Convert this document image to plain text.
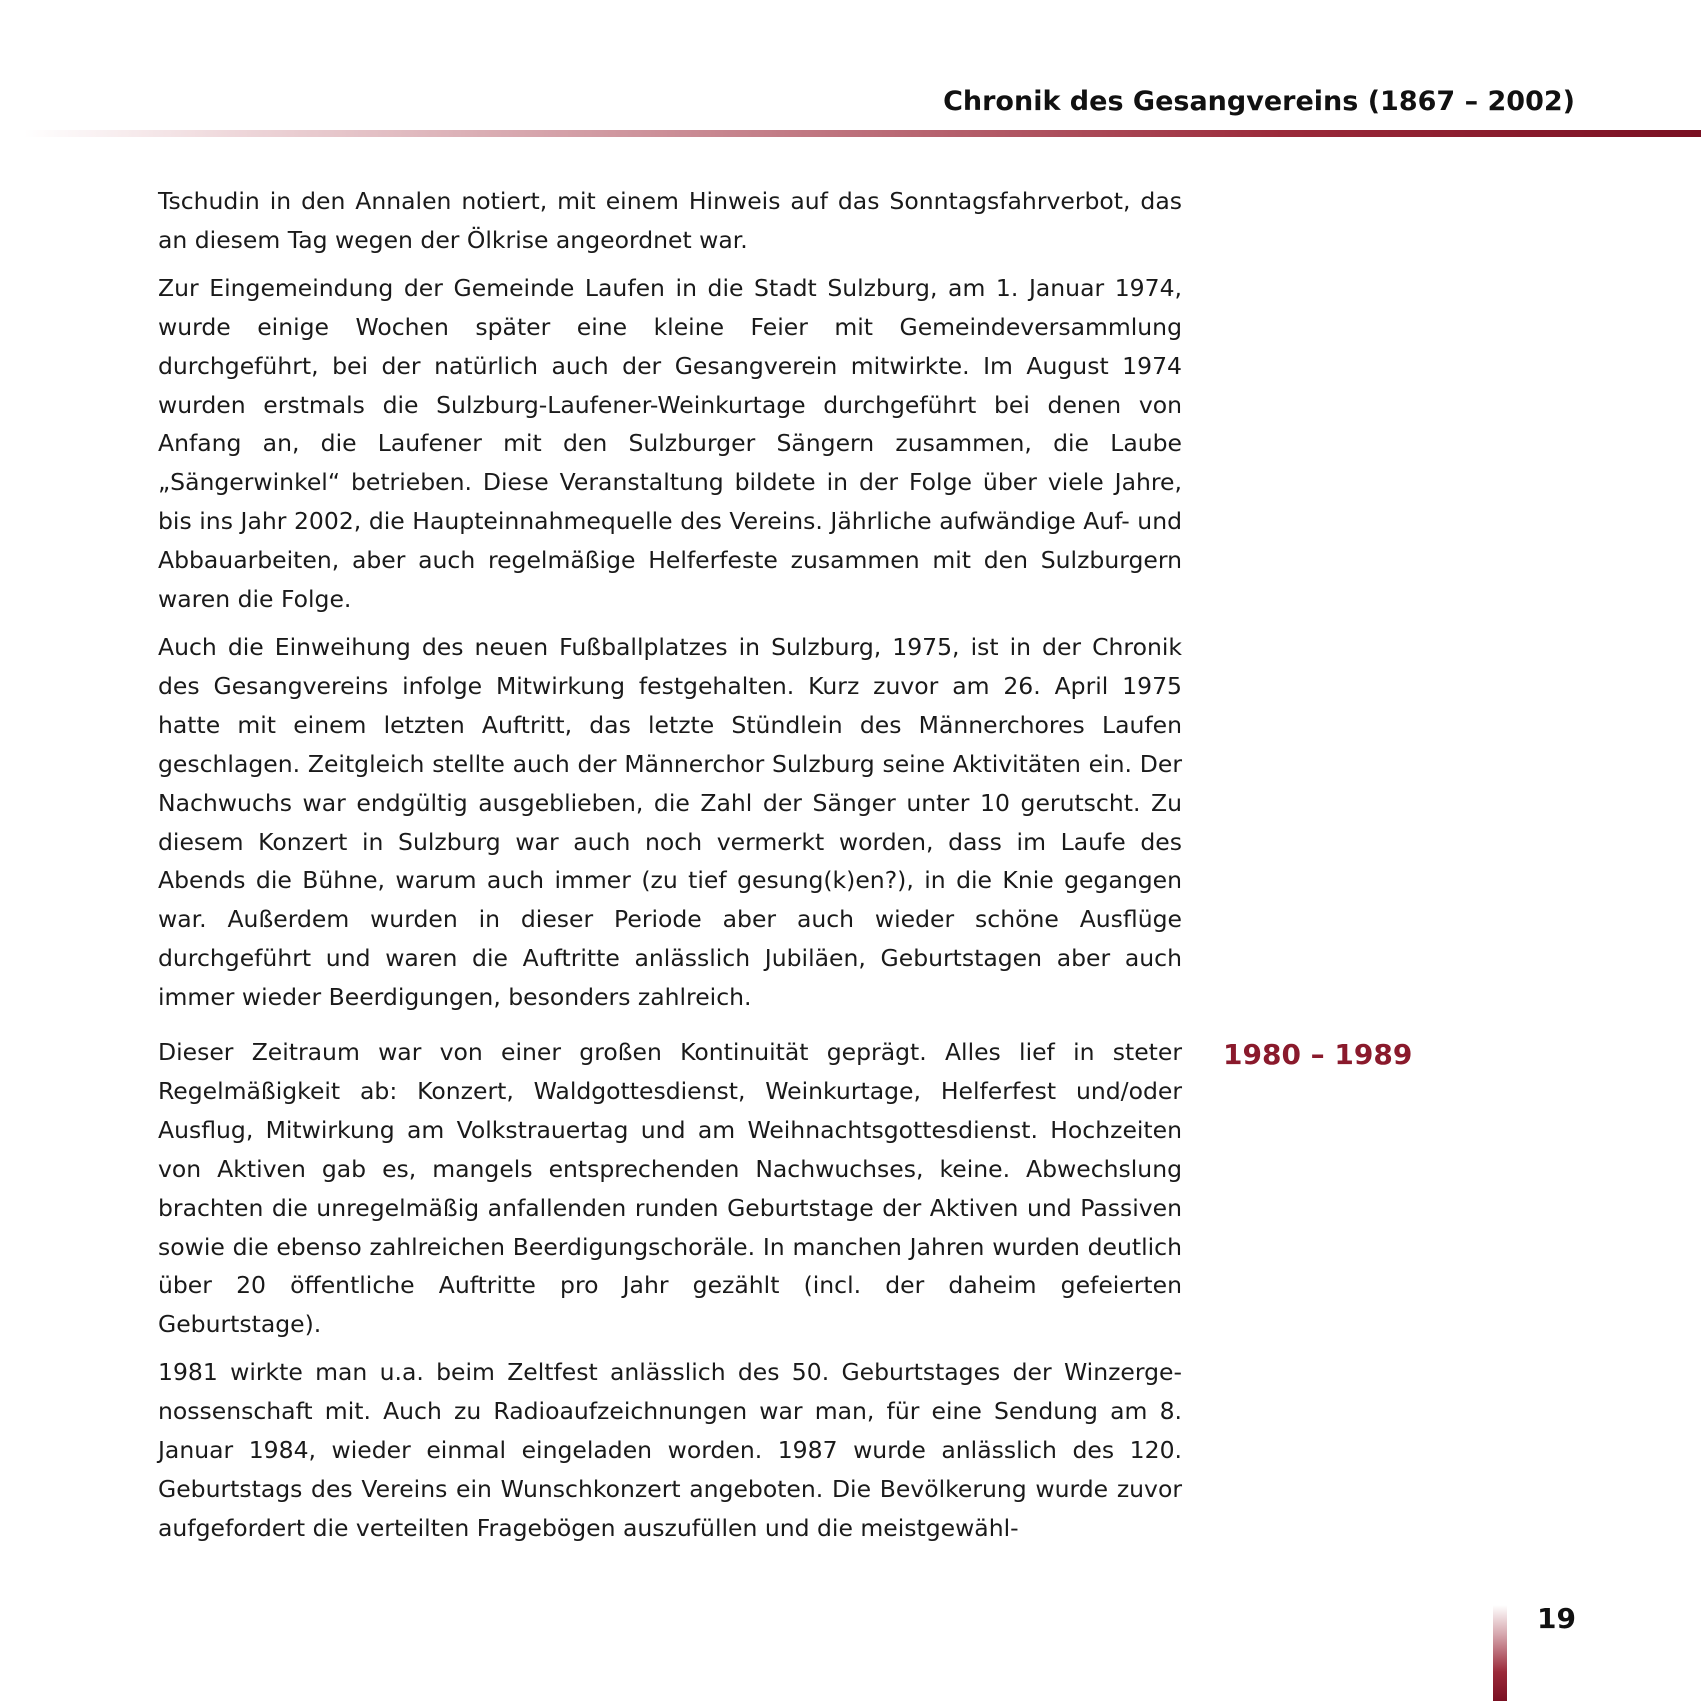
Chronik des Gesangvereins (1867 – 2002)

Tschudin in den Annalen notiert, mit einem Hinweis auf das Sonntagsfahrverbot, das an diesem Tag wegen der Ölkrise angeordnet war.

Zur Eingemeindung der Gemeinde Laufen in die Stadt Sulzburg, am 1. Januar 1974, wurde einige Wochen später eine kleine Feier mit Gemeindeversammlung durchgeführt, bei der natürlich auch der Gesangverein mitwirkte. Im August 1974 wurden erstmals die Sulzburg-Laufener-Weinkurtage durchgeführt bei denen von Anfang an, die Laufener mit den Sulzburger Sängern zusammen, die Laube „Sängerwinkel“ betrieben. Diese Veranstaltung bildete in der Folge über viele Jahre, bis ins Jahr 2002, die Haupteinnahmequelle des Vereins. Jährliche aufwändige Auf- und Abbauarbeiten, aber auch regelmäßige Helferfeste zusammen mit den Sulzburgern waren die Folge.

Auch die Einweihung des neuen Fußballplatzes in Sulzburg, 1975, ist in der Chronik des Gesangvereins infolge Mitwirkung festgehalten. Kurz zuvor am 26. April 1975 hatte mit einem letzten Auftritt, das letzte Stündlein des Männerchores Laufen geschlagen. Zeitgleich stellte auch der Männerchor Sulzburg seine Aktivitäten ein. Der Nachwuchs war endgültig ausgeblieben, die Zahl der Sänger unter 10 gerutscht. Zu diesem Konzert in Sulzburg war auch noch vermerkt worden, dass im Laufe des Abends die Bühne, warum auch immer (zu tief gesung(k)en?), in die Knie gegangen war. Außerdem wurden in dieser Periode aber auch wieder schöne Ausflüge durchgeführt und waren die Auftritte anlässlich Jubiläen, Geburtstagen aber auch immer wieder Beerdigungen, besonders zahlreich.

Dieser Zeitraum war von einer großen Kontinuität geprägt. Alles lief in steter Regelmäßigkeit ab: Konzert, Waldgottesdienst, Weinkurtage, Helferfest und/oder Ausflug, Mitwirkung am Volkstrauertag und am Weihnachtsgottesdienst. Hochzeiten von Aktiven gab es, mangels entsprechenden Nachwuchses, keine. Abwechslung brachten die unregelmäßig anfallenden runden Geburtstage der Aktiven und Passiven sowie die ebenso zahlreichen Beerdigungschoräle. In manchen Jahren wurden deutlich über 20 öffentliche Auftritte pro Jahr gezählt (incl. der daheim gefeierten Geburtstage).

1981 wirkte man u.a. beim Zeltfest anlässlich des 50. Geburtstages der Winzergenossenschaft mit. Auch zu Radioaufzeichnungen war man, für eine Sendung am 8. Januar 1984, wieder einmal eingeladen worden. 1987 wurde anlässlich des 120. Geburtstags des Vereins ein Wunschkonzert angeboten. Die Bevölkerung wurde zuvor aufgefordert die verteilten Fragebögen auszufüllen und die meistgewähl-

1980 – 1989
19
